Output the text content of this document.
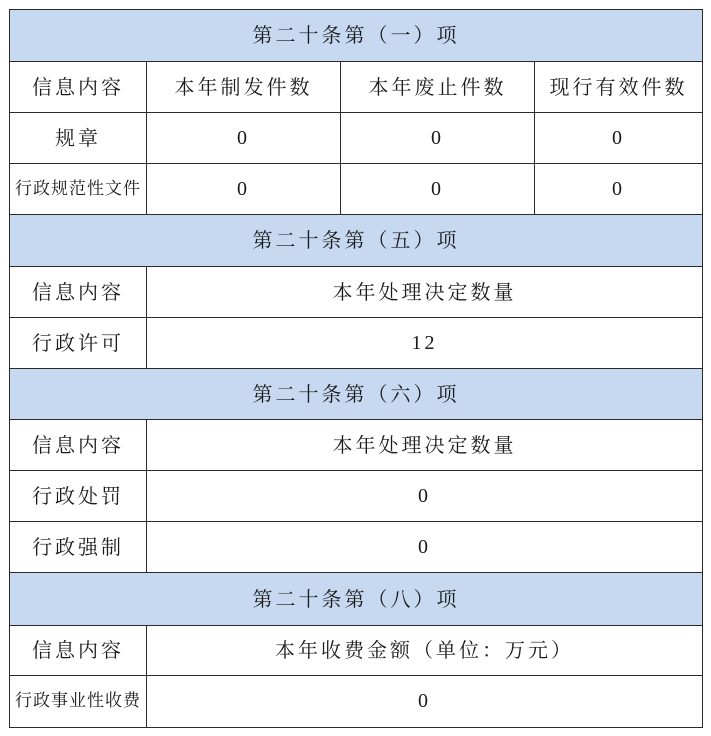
第二十条第（一）项			
信息内容	本年制发件数	本年废止件数	现行有效件数
规章	0	0	0
行政规范性文件	0	0	0
第二十条第（五）项			
信息内容	本年处理决定数量		
行政许可	12		
第二十条第（六）项			
信息内容	本年处理决定数量		
行政处罚	0		
行政强制	0		
第二十条第（八）项			
信息内容	本年收费金额（单位：万元）		
行政事业性收费	0		
